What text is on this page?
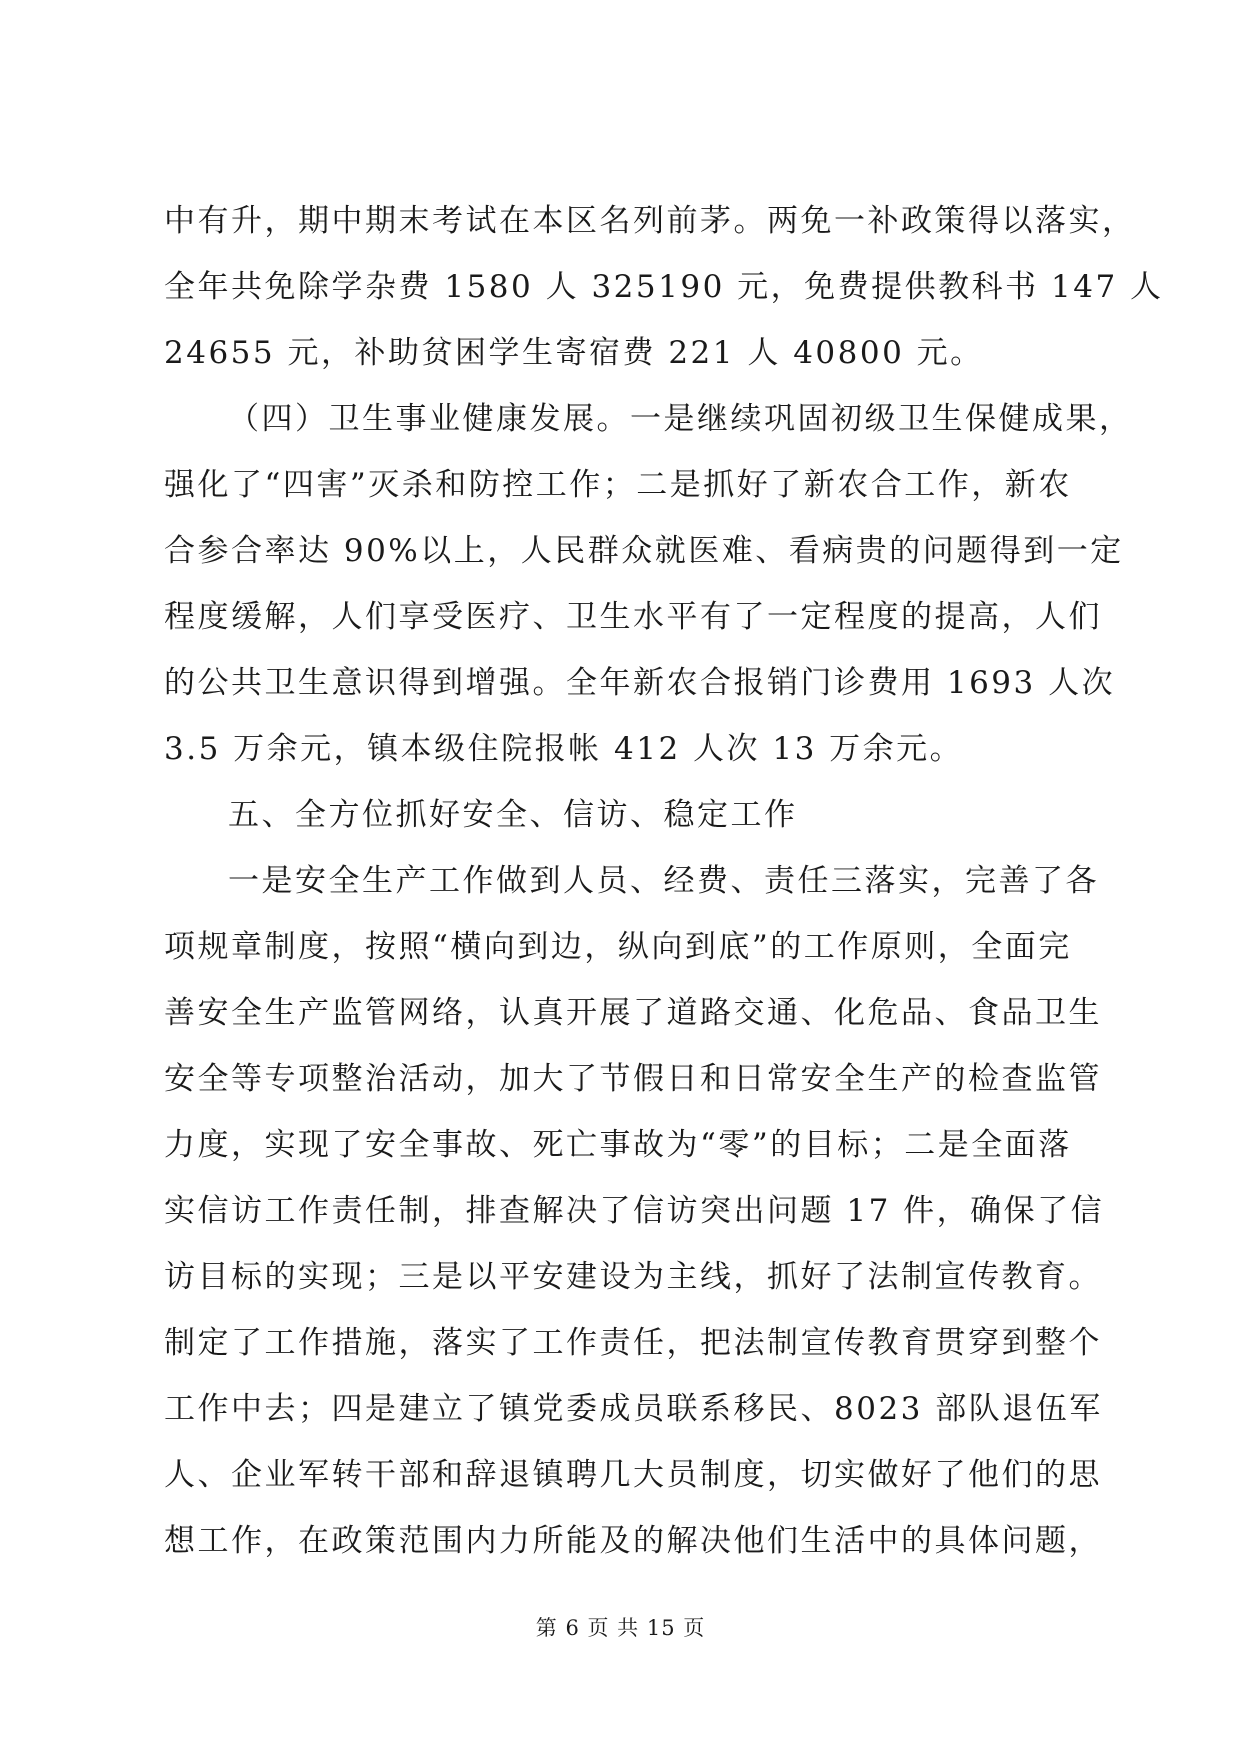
中有升，期中期末考试在本区名列前茅。两免一补政策得以落实，
全年共免除学杂费 1580 人 325190 元，免费提供教科书 147 人
24655 元，补助贫困学生寄宿费 221 人 40800 元。
（四）卫生事业健康发展。一是继续巩固初级卫生保健成果，
强化了“四害”灭杀和防控工作；二是抓好了新农合工作，新农
合参合率达 90%以上，人民群众就医难、看病贵的问题得到一定
程度缓解，人们享受医疗、卫生水平有了一定程度的提高，人们
的公共卫生意识得到增强。全年新农合报销门诊费用 1693 人次
3.5 万余元，镇本级住院报帐 412 人次 13 万余元。
五、全方位抓好安全、信访、稳定工作
一是安全生产工作做到人员、经费、责任三落实，完善了各
项规章制度，按照“横向到边，纵向到底”的工作原则，全面完
善安全生产监管网络，认真开展了道路交通、化危品、食品卫生
安全等专项整治活动，加大了节假日和日常安全生产的检查监管
力度，实现了安全事故、死亡事故为“零”的目标；二是全面落
实信访工作责任制，排查解决了信访突出问题 17 件，确保了信
访目标的实现；三是以平安建设为主线，抓好了法制宣传教育。
制定了工作措施，落实了工作责任，把法制宣传教育贯穿到整个
工作中去；四是建立了镇党委成员联系移民、8023 部队退伍军
人、企业军转干部和辞退镇聘几大员制度，切实做好了他们的思
想工作，在政策范围内力所能及的解决他们生活中的具体问题，
第 6 页 共 15 页
